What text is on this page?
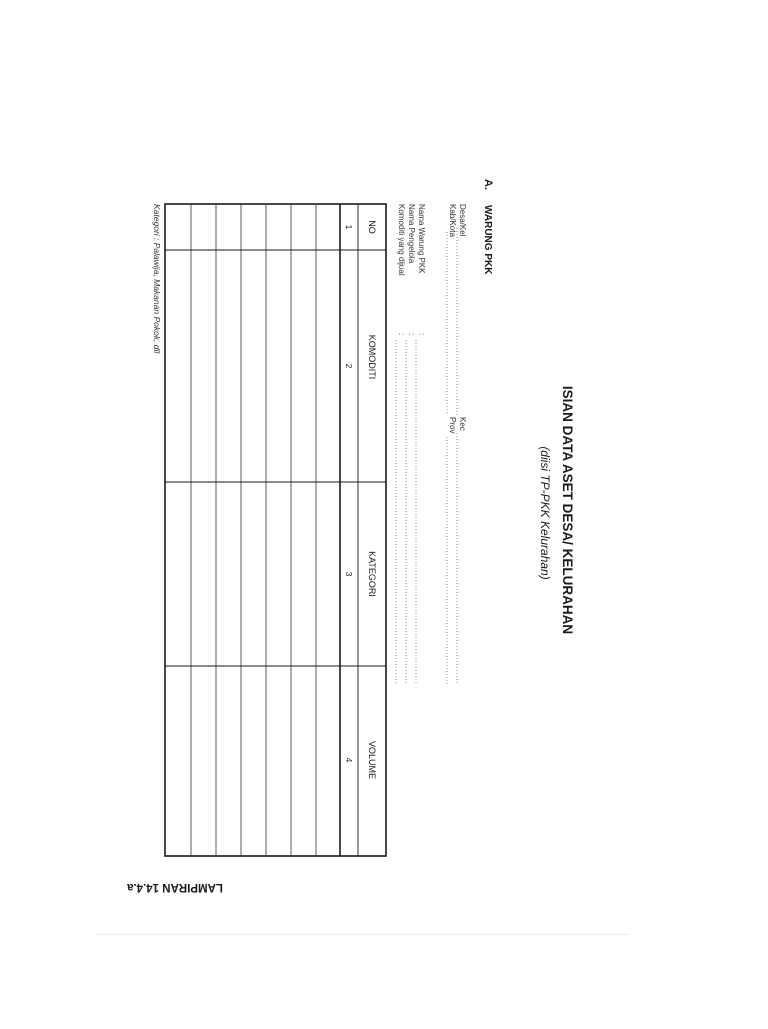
LAMPIRAN 14.4.a
ISIAN DATA ASET DESA/ KELURAHAN
(diisi TP-PKK Kelurahan)
A.
WARUNG PKK
Desa/Kel
Kec
Kab/Kota
Prov
Nama Warung PKK
:
Nama Pengelola
:
Komoditi yang dijual
:
NO
KOMODITI
KATEGORI
VOLUME
1
2
3
4
Kategori : Palawija, Makanan Pokok, dll
